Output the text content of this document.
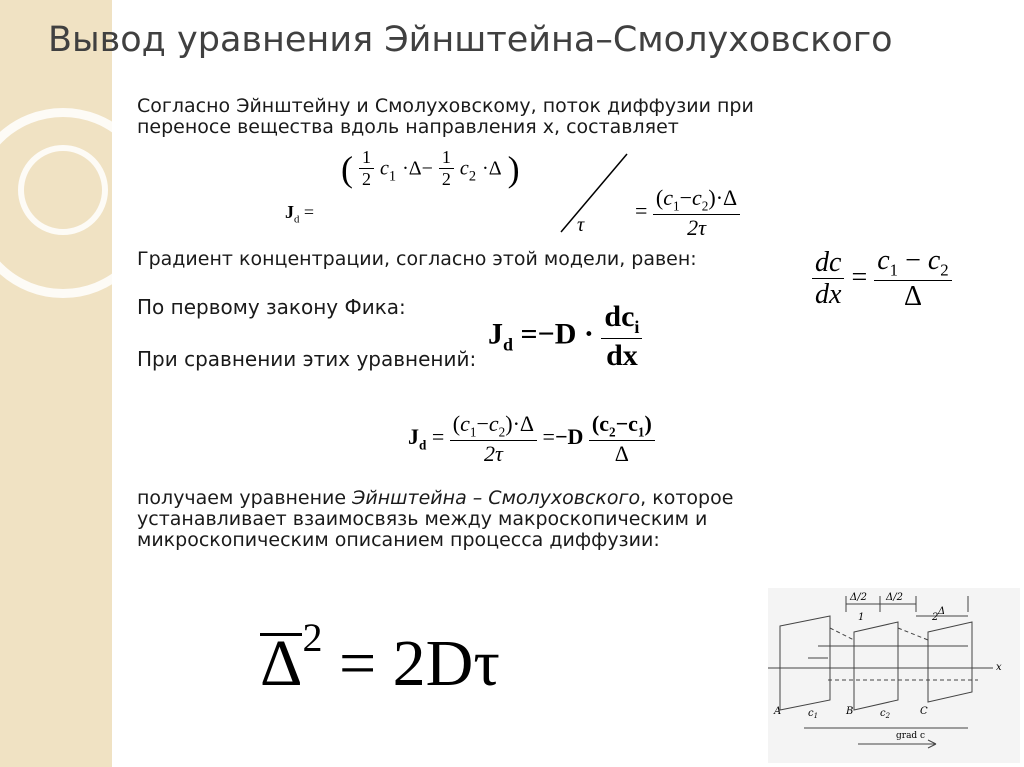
Вывод уравнения Эйнштейна–Смолуховского
Согласно Эйнштейну и Смолуховскому, поток диффузии при
переносе вещества вдоль направления х, составляет
$J_d$ =
( $\frac{1}{2} c_1 \cdot\Delta- \frac{1}{2} c_2 \cdot\Delta$ )
τ
= $\frac{(c_1-c_2)\cdot\Delta}{2\tau}$
Градиент концентрации, согласно этой модели, равен:	$\frac{dc}{dx} = \frac{c_1 - c_2}{\Delta}$
По первому закону Фика:
$J_d =-D \cdot \frac{dc_i}{dx}$
При сравнении этих уравнений:
$J_d = \frac{(c_1-c_2)\cdot\Delta}{2\tau} =-D \frac{(c_2-c_1)}{\Delta}$
получаем уравнение Эйнштейна – Смолуховского, которое
устанавливает взаимосвязь между макроскопическим и
микроскопическим описанием процесса диффузии:
$\Delta^2 = 2D\tau$
Δ/2 Δ/2
Δ
1	2
x
A	B	C
$c_1$	$c_2$
grad c
